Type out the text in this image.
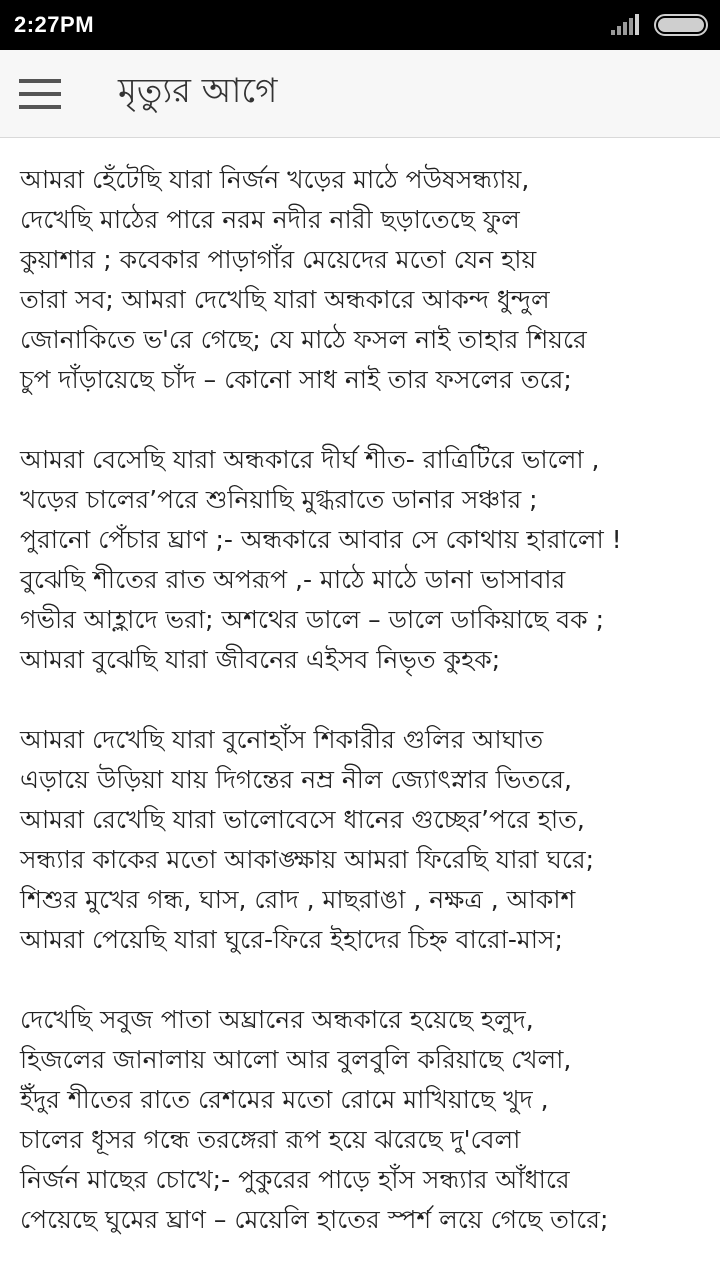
2:27PM
মৃত্যুর আগে
আমরা হেঁটেছি যারা নির্জন খড়ের মাঠে পউষসন্ধ্যায়,
দেখেছি মাঠের পারে নরম নদীর নারী ছড়াতেছে ফুল
কুয়াশার ; কবেকার পাড়াগাঁর মেয়েদের মতো যেন হায়
তারা সব; আমরা দেখেছি যারা অন্ধকারে আকন্দ ধুন্দুল
জোনাকিতে ভ'রে গেছে; যে মাঠে ফসল নাই তাহার শিয়রে
চুপ দাঁড়ায়েছে চাঁদ – কোনো সাধ নাই তার ফসলের তরে;
আমরা বেসেছি যারা অন্ধকারে দীর্ঘ শীত- রাত্রিটিরে ভালো ,
খড়ের চালের’পরে শুনিয়াছি মুগ্ধরাতে ডানার সঞ্চার ;
পুরানো পেঁচার ঘ্রাণ ;- অন্ধকারে আবার সে কোথায় হারালো !
বুঝেছি শীতের রাত অপরূপ ,- মাঠে মাঠে ডানা ভাসাবার
গভীর আহ্লাদে ভরা; অশথের ডালে – ডালে ডাকিয়াছে বক ;
আমরা বুঝেছি যারা জীবনের এইসব নিভৃত কুহক;
আমরা দেখেছি যারা বুনোহাঁস শিকারীর গুলির আঘাত
এড়ায়ে উড়িয়া যায় দিগন্তের নম্র নীল জ্যোৎস্নার ভিতরে,
আমরা রেখেছি যারা ভালোবেসে ধানের গুচ্ছের’পরে হাত,
সন্ধ্যার কাকের মতো আকাঙ্ক্ষায় আমরা ফিরেছি যারা ঘরে;
শিশুর মুখের গন্ধ, ঘাস, রোদ , মাছরাঙা , নক্ষত্র , আকাশ
আমরা পেয়েছি যারা ঘুরে-ফিরে ইহাদের চিহ্ন বারো-মাস;
দেখেছি সবুজ পাতা অঘ্রানের অন্ধকারে হয়েছে হলুদ,
হিজলের জানালায় আলো আর বুলবুলি করিয়াছে খেলা,
ইঁদুর শীতের রাতে রেশমের মতো রোমে মাখিয়াছে খুদ ,
চালের ধূসর গন্ধে তরঙ্গেরা রূপ হয়ে ঝরেছে দু'বেলা
নির্জন মাছের চোখে;- পুকুরের পাড়ে হাঁস সন্ধ্যার আঁধারে
পেয়েছে ঘুমের ঘ্রাণ – মেয়েলি হাতের স্পর্শ লয়ে গেছে তারে;
